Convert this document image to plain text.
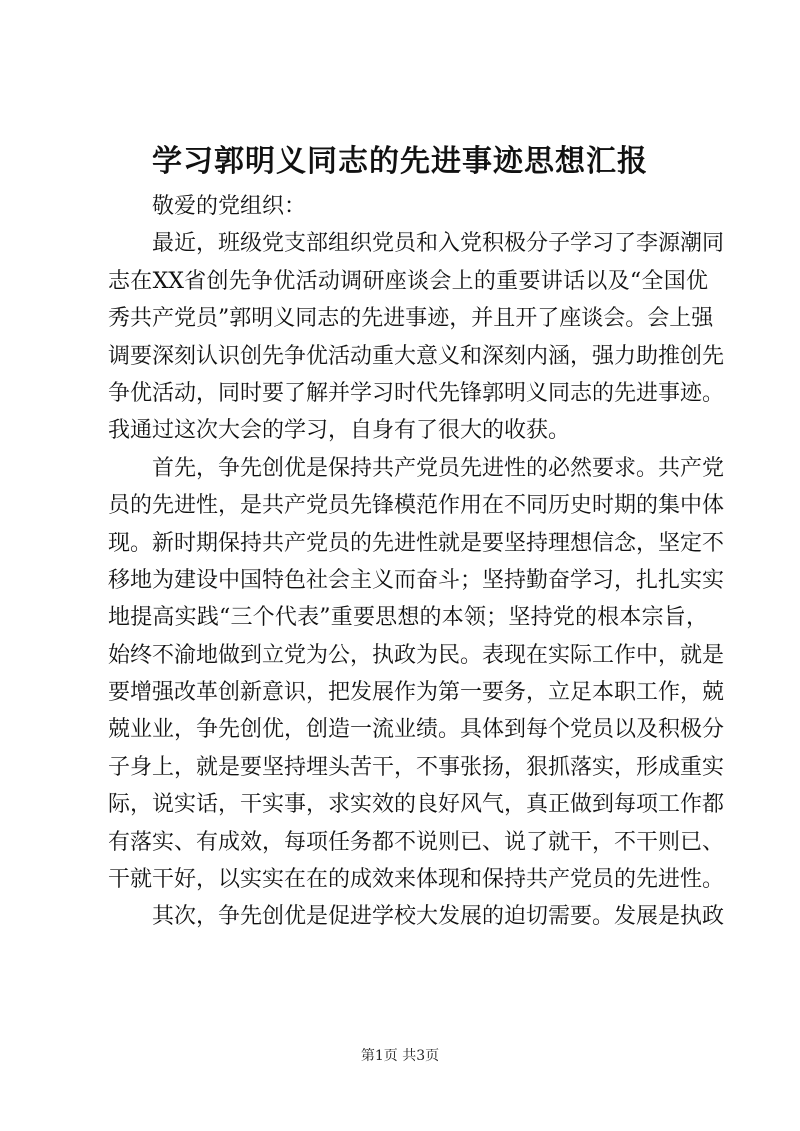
学习郭明义同志的先进事迹思想汇报
敬爱的党组织：
最近，班级党支部组织党员和入党积极分子学习了李源潮同
志在XX省创先争优活动调研座谈会上的重要讲话以及“全国优
秀共产党员”郭明义同志的先进事迹，并且开了座谈会。会上强
调要深刻认识创先争优活动重大意义和深刻内涵，强力助推创先
争优活动，同时要了解并学习时代先锋郭明义同志的先进事迹。
我通过这次大会的学习，自身有了很大的收获。
首先，争先创优是保持共产党员先进性的必然要求。共产党
员的先进性，是共产党员先锋模范作用在不同历史时期的集中体
现。新时期保持共产党员的先进性就是要坚持理想信念，坚定不
移地为建设中国特色社会主义而奋斗；坚持勤奋学习，扎扎实实
地提高实践“三个代表”重要思想的本领；坚持党的根本宗旨，
始终不渝地做到立党为公，执政为民。表现在实际工作中，就是
要增强改革创新意识，把发展作为第一要务，立足本职工作，兢
兢业业，争先创优，创造一流业绩。具体到每个党员以及积极分
子身上，就是要坚持埋头苦干，不事张扬，狠抓落实，形成重实
际，说实话，干实事，求实效的良好风气，真正做到每项工作都
有落实、有成效，每项任务都不说则已、说了就干，不干则已、
干就干好，以实实在在的成效来体现和保持共产党员的先进性。
其次，争先创优是促进学校大发展的迫切需要。发展是执政
第1页 共3页
